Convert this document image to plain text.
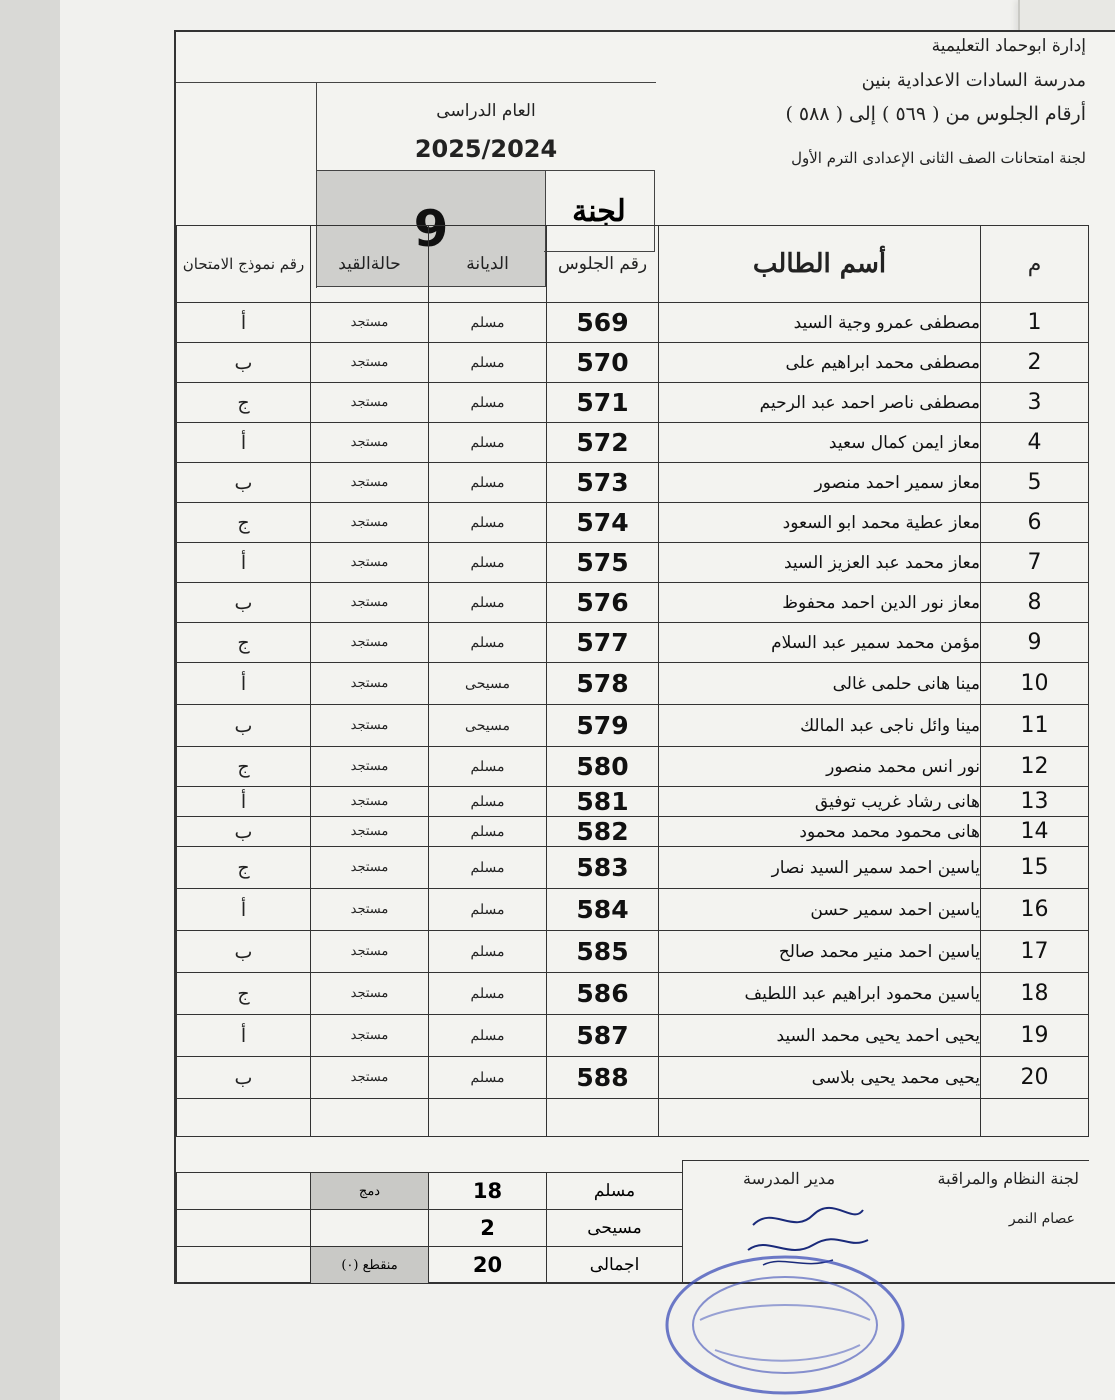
العام الدراسى
2025/2024
9	لجنة
إدارة ابوحماد التعليمية
مدرسة السادات الاعدادية بنين
أرقام الجلوس من ( ٥٦٩ ) إلى ( ٥٨٨ )
لجنة امتحانات الصف الثانى الإعدادى الترم الأول
رقم نموذج الامتحان	حالةالقيد	الديانة	رقم الجلوس	أسم الطالب	م
أ	مستجد	مسلم	569	مصطفى عمرو وجية السيد	1
ب	مستجد	مسلم	570	مصطفى محمد ابراهيم على	2
ج	مستجد	مسلم	571	مصطفى ناصر احمد عبد الرحيم	3
أ	مستجد	مسلم	572	معاز ايمن كمال سعيد	4
ب	مستجد	مسلم	573	معاز سمير احمد منصور	5
ج	مستجد	مسلم	574	معاز عطية محمد ابو السعود	6
أ	مستجد	مسلم	575	معاز محمد عبد العزيز السيد	7
ب	مستجد	مسلم	576	معاز نور الدين احمد محفوظ	8
ج	مستجد	مسلم	577	مؤمن محمد سمير عبد السلام	9
أ	مستجد	مسيحى	578	مينا هانى حلمى غالى	10
ب	مستجد	مسيحى	579	مينا وائل ناجى عبد المالك	11
ج	مستجد	مسلم	580	نور انس محمد منصور	12
أ	مستجد	مسلم	581	هانى رشاد غريب توفيق	13
ب	مستجد	مسلم	582	هانى محمود محمد محمود	14
ج	مستجد	مسلم	583	ياسين احمد سمير السيد نصار	15
أ	مستجد	مسلم	584	ياسين احمد سمير حسن	16
ب	مستجد	مسلم	585	ياسين احمد منير محمد صالح	17
ج	مستجد	مسلم	586	ياسين محمود ابراهيم عبد اللطيف	18
أ	مستجد	مسلم	587	يحيى احمد يحيى محمد السيد	19
ب	مستجد	مسلم	588	يحيى محمد يحيى بلاسى	20

	دمج	18	مسلم
		2	مسيحى
	منقطع (٠)	20	اجمالى
لجنة النظام والمراقبة
مدير المدرسة
عصام النمر
